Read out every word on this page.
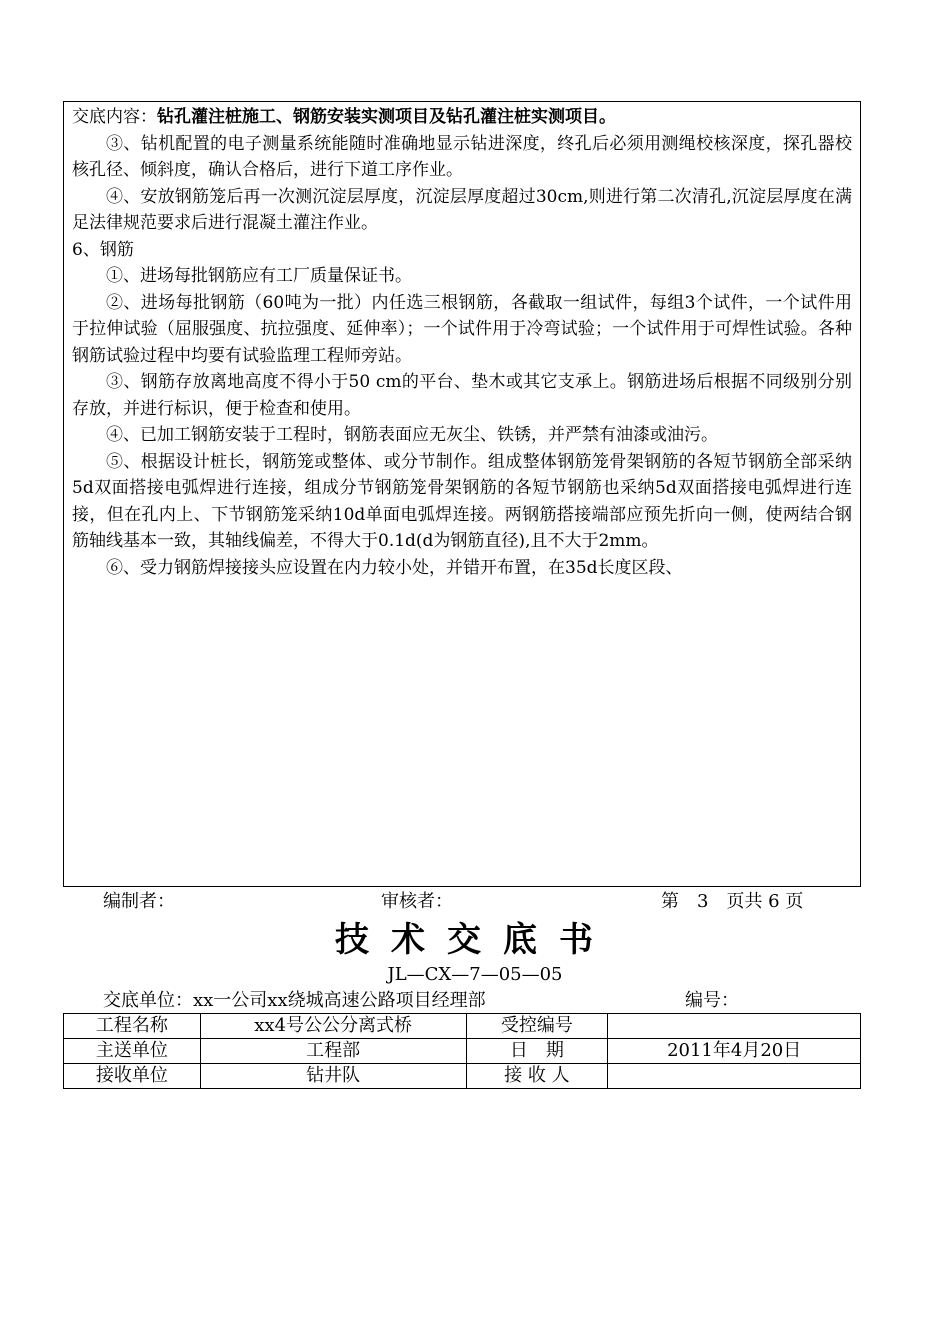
交底内容：钻孔灌注桩施工、钢筋安装实测项目及钻孔灌注桩实测项目。

③、钻机配置的电子测量系统能随时准确地显示钻进深度，终孔后必须用测绳校核深度，探孔器校核孔径、倾斜度，确认合格后，进行下道工序作业。

④、安放钢筋笼后再一次测沉淀层厚度，沉淀层厚度超过30cm,则进行第二次清孔,沉淀层厚度在满足法律规范要求后进行混凝土灌注作业。

6、钢筋

①、进场每批钢筋应有工厂质量保证书。

②、进场每批钢筋（60吨为一批）内任选三根钢筋，各截取一组试件，每组3个试件，一个试件用于拉伸试验（屈服强度、抗拉强度、延伸率）；一个试件用于冷弯试验；一个试件用于可焊性试验。各种钢筋试验过程中均要有试验监理工程师旁站。

③、钢筋存放离地高度不得小于50 cm的平台、垫木或其它支承上。钢筋进场后根据不同级别分别存放，并进行标识，便于检查和使用。

④、已加工钢筋安装于工程时，钢筋表面应无灰尘、铁锈，并严禁有油漆或油污。

⑤、根据设计桩长，钢筋笼或整体、或分节制作。组成整体钢筋笼骨架钢筋的各短节钢筋全部采纳5d双面搭接电弧焊进行连接，组成分节钢筋笼骨架钢筋的各短节钢筋也采纳5d双面搭接电弧焊进行连接，但在孔内上、下节钢筋笼采纳10d单面电弧焊连接。两钢筋搭接端部应预先折向一侧，使两结合钢筋轴线基本一致，其轴线偏差，不得大于0.1d(d为钢筋直径),且不大于2mm。

⑥、受力钢筋焊接接头应设置在内力较小处，并错开布置，在35d长度区段、

编制者：	审核者：	第　3　页共 6 页
技术交底书
JL—CX—7—05—05
交底单位：xx一公司xx绕城高速公路项目经理部	编号：
工程名称	xx4号公公分离式桥	受控编号	
主送单位	工程部	日　期	2011年4月20日
接收单位	钻井队	接 收 人	
